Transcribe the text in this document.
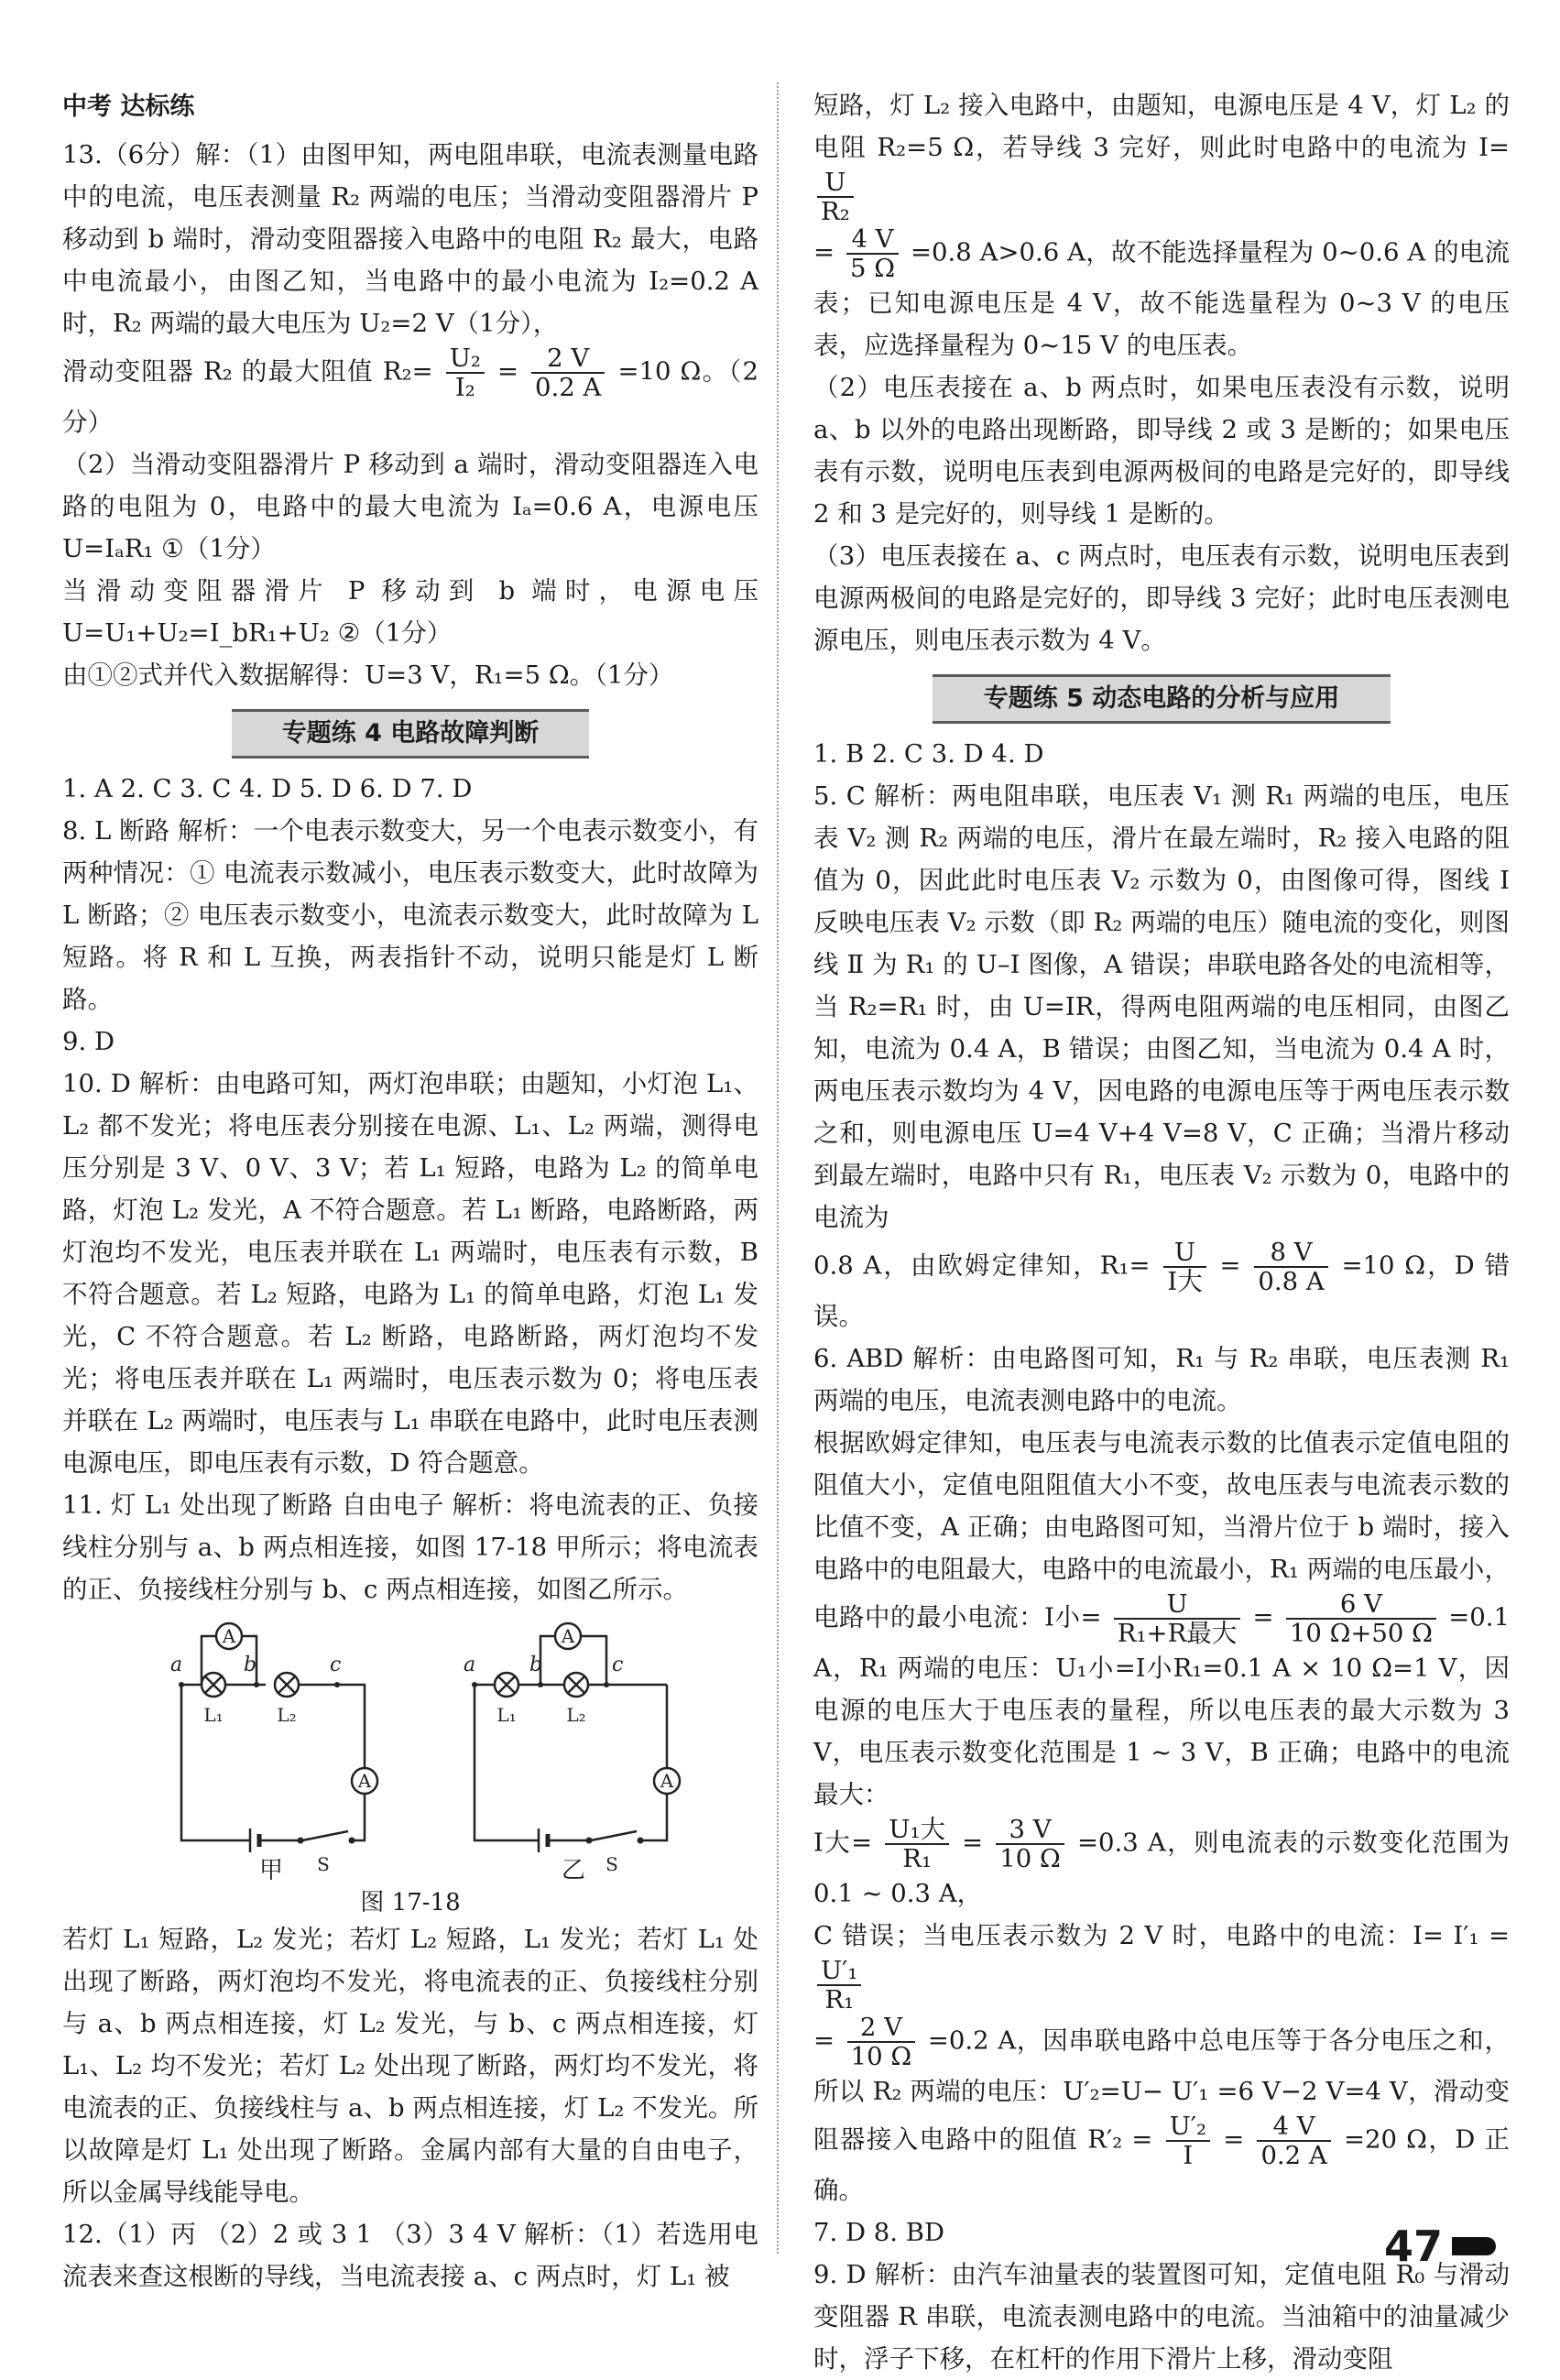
中考 达标练

13.（6分）解：（1）由图甲知，两电阻串联，电流表测量电路中的电流，电压表测量 R₂ 两端的电压；当滑动变阻器滑片 P 移动到 b 端时，滑动变阻器接入电路中的电阻 R₂ 最大，电路中电流最小，由图乙知，当电路中的最小电流为 I₂=0.2 A 时，R₂ 两端的最大电压为 U₂=2 V（1分），

滑动变阻器 R₂ 的最大阻值 $R_2= \frac{\text{U₂}}{\text{I₂}} = \frac{2 V}{0.2 A} =10$ Ω。（2分）

（2）当滑动变阻器滑片 P 移动到 a 端时，滑动变阻器连入电路的电阻为 0，电路中的最大电流为 Iₐ=0.6 A，电源电压 U=IₐR₁ ①（1分）

当滑动变阻器滑片 P 移动到 b 端时，电源电压 U=U₁+U₂=I_bR₁+U₂ ②（1分）

由①②式并代入数据解得：U=3 V，R₁=5 Ω。（1分）

专题练 4 电路故障判断

1. A 2. C 3. C 4. D 5. D 6. D 7. D

8. L 断路 解析：一个电表示数变大，另一个电表示数变小，有两种情况：① 电流表示数减小，电压表示数变大，此时故障为 L 断路；② 电压表示数变小，电流表示数变大，此时故障为 L 短路。将 R 和 L 互换，两表指针不动，说明只能是灯 L 断路。

9. D

10. D 解析：由电路可知，两灯泡串联；由题知，小灯泡 L₁、L₂ 都不发光；将电压表分别接在电源、L₁、L₂ 两端，测得电压分别是 3 V、0 V、3 V；若 L₁ 短路，电路为 L₂ 的简单电路，灯泡 L₂ 发光，A 不符合题意。若 L₁ 断路，电路断路，两灯泡均不发光，电压表并联在 L₁ 两端时，电压表有示数，B 不符合题意。若 L₂ 短路，电路为 L₁ 的简单电路，灯泡 L₁ 发光，C 不符合题意。若 L₂ 断路，电路断路，两灯泡均不发光；将电压表并联在 L₁ 两端时，电压表示数为 0；将电压表并联在 L₂ 两端时，电压表与 L₁ 串联在电路中，此时电压表测电源电压，即电压表有示数，D 符合题意。

11. 灯 L₁ 处出现了断路 自由电子 解析：将电流表的正、负接线柱分别与 a、b 两点相连接，如图 17-18 甲所示；将电流表的正、负接线柱分别与 b、c 两点相连接，如图乙所示。

a	b	c	a	b	c
A
A
A
A
L₁	L₂	L₁	L₂
S	S
甲	乙
图 17-18

若灯 L₁ 短路，L₂ 发光；若灯 L₂ 短路，L₁ 发光；若灯 L₁ 处出现了断路，两灯泡均不发光，将电流表的正、负接线柱分别与 a、b 两点相连接，灯 L₂ 发光，与 b、c 两点相连接，灯 L₁、L₂ 均不发光；若灯 L₂ 处出现了断路，两灯均不发光，将电流表的正、负接线柱与 a、b 两点相连接，灯 L₂ 不发光。所以故障是灯 L₁ 处出现了断路。金属内部有大量的自由电子，所以金属导线能导电。

12.（1）丙 （2）2 或 3 1 （3）3 4 V 解析：（1）若选用电流表来查这根断的导线，当电流表接 a、c 两点时，灯 L₁ 被

短路，灯 L₂ 接入电路中，由题知，电源电压是 4 V，灯 L₂ 的电阻 R₂=5 Ω，若导线 3 完好，则此时电路中的电流为 I=
$\frac{U}{\text{R₂}}$

= $\frac{4 V}{5 \Omega} =0.8$ A>0.6 A，故不能选择量程为 0~0.6 A 的电流表；已知电源电压是 4 V，故不能选量程为 0~3 V 的电压表，应选择量程为 0~15 V 的电压表。

（2）电压表接在 a、b 两点时，如果电压表没有示数，说明 a、b 以外的电路出现断路，即导线 2 或 3 是断的；如果电压表有示数，说明电压表到电源两极间的电路是完好的，即导线 2 和 3 是完好的，则导线 1 是断的。

（3）电压表接在 a、c 两点时，电压表有示数，说明电压表到电源两极间的电路是完好的，即导线 3 完好；此时电压表测电源电压，则电压表示数为 4 V。

专题练 5 动态电路的分析与应用

1. B 2. C 3. D 4. D

5. C 解析：两电阻串联，电压表 V₁ 测 R₁ 两端的电压，电压表 V₂ 测 R₂ 两端的电压，滑片在最左端时，R₂ 接入电路的阻值为 0，因此此时电压表 V₂ 示数为 0，由图像可得，图线 I 反映电压表 V₂ 示数（即 R₂ 两端的电压）随电流的变化，则图线 Ⅱ 为 R₁ 的 U–I 图像，A 错误；串联电路各处的电流相等，当 R₂=R₁ 时，由 U=IR，得两电阻两端的电压相同，由图乙知，电流为 0.4 A，B 错误；由图乙知，当电流为 0.4 A 时，两电压表示数均为 4 V，因电路的电源电压等于两电压表示数之和，则电源电压 U=4 V+4 V=8 V，C 正确；当滑片移动到最左端时，电路中只有 R₁，电压表 V₂ 示数为 0，电路中的电流为

0.8 A，由欧姆定律知，R₁= U
I大
= $\frac{8 V}{0.8 A} =10$ Ω，D 错误。

6. ABD 解析：由电路图可知，R₁ 与 R₂ 串联，电压表测 R₁ 两端的电压，电流表测电路中的电流。

根据欧姆定律知，电压表与电流表示数的比值表示定值电阻的阻值大小，定值电阻阻值大小不变，故电压表与电流表示数的比值不变，A 正确；由电路图可知，当滑片位于 b 端时，接入电路中的电阻最大，电路中的电流最小，R₁ 两端的电压最小，电路中的最小电流：I小=	U
R₁+R最大
= $\frac{6 V}{10 \Omega+50 \Omega} =0.1$ A，R₁ 两端的电压：U₁小=I小R₁=0.1 A × 10 Ω=1 V，因电源的电压大于电压表的量程，所以电压表的最大示数为 3 V，电压表示数变化范围是 1 ~ 3 V，B 正确；电路中的电流最大：

I大= U₁大
R₁
= $\frac{3 V}{10 \Omega} =0.3$ A，则电流表的示数变化范围为 0.1 ~ 0.3 A，

C 错误；当电压表示数为 2 V 时，电路中的电流：I= I′₁ =
$\frac{\text{U′₁}}{\text{R₁}}$

= $\frac{2 V}{10 \Omega} =0.2$ A，因串联电路中总电压等于各分电压之和，所以 R₂ 两端的电压：U′₂=U− U′₁ =6 V−2 V=4 V，滑动变阻器接入电路中的阻值 $R'_2 = \frac{\text{U′₂}}{I} = \frac{4 V}{0.2 A} =20$ Ω，D 正确。

7. D 8. BD

9. D 解析：由汽车油量表的装置图可知，定值电阻 R₀ 与滑动变阻器 R 串联，电流表测电路中的电流。当油箱中的油量减少时，浮子下移，在杠杆的作用下滑片上移，滑动变阻

47
